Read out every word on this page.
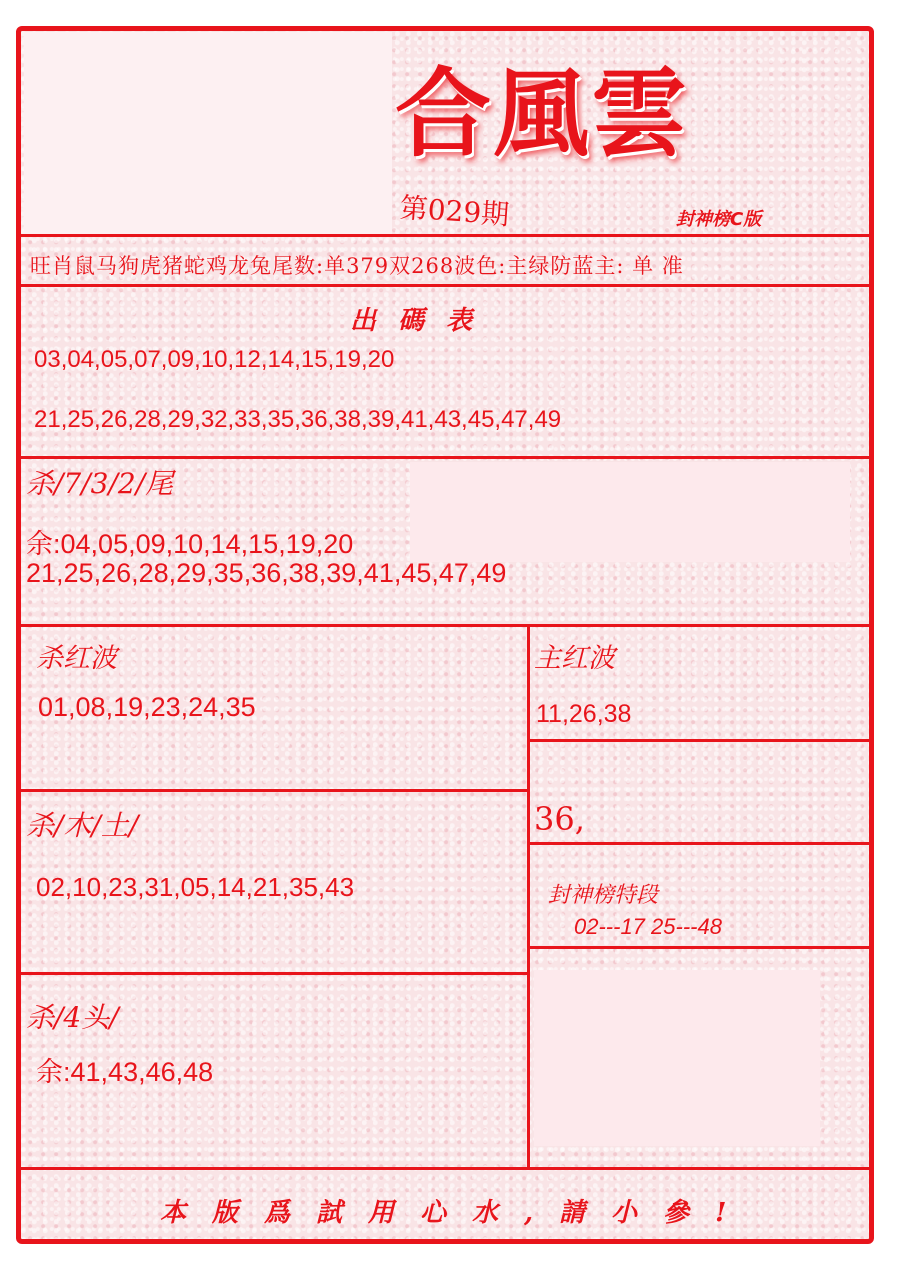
合風雲
第029期	封神榜C版
旺肖鼠马狗虎猪蛇鸡龙兔尾数:单379双268波色:主绿防蓝主: 单 准
出碼表
03,04,05,07,09,10,12,14,15,19,20
21,25,26,28,29,32,33,35,36,38,39,41,43,45,47,49
杀/7/3/2/尾
余:04,05,09,10,14,15,19,20
21,25,26,28,29,35,36,38,39,41,45,47,49
杀红波
01,08,19,23,24,35
主红波
11,26,38
36,
杀/木/土/
02,10,23,31,05,14,21,35,43	封神榜特段
02---17 25---48
杀/4头/
余:41,43,46,48
本版爲試用心水,請小參!
